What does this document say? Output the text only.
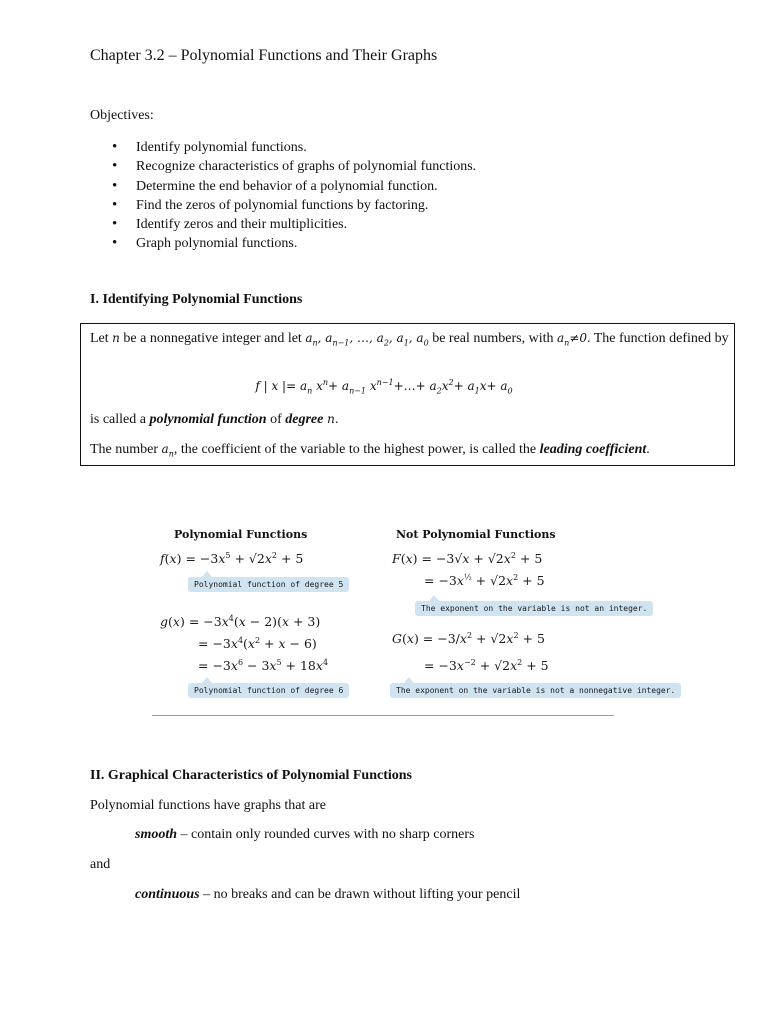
Chapter 3.2 – Polynomial Functions and Their Graphs
Objectives:
• Identify polynomial functions.
• Recognize characteristics of graphs of polynomial functions.
• Determine the end behavior of a polynomial function.
• Find the zeros of polynomial functions by factoring.
• Identify zeros and their multiplicities.
• Graph polynomial functions.
I. Identifying Polynomial Functions
Let n be a nonnegative integer and let $a_n$, $a_{n-1}$, …, $a_2$, $a_1$, $a_0$ be real numbers, with $a_n\ne 0$. The function defined by
f | x |= $a_n$ $x^n+ a_{n-1}$ $x^{n-1}+\dots+ a_2x^2+ a_1x+ a_0$
is called a polynomial function of degree n.
The number $a_n$, the coefficient of the variable to the highest power, is called the leading coefficient.
Polynomial Functions	Not Polynomial Functions
$f(x) = -3x^5 + √2x^2 + 5$
Polynomial function of degree 5
$g(x) = -3x^4(x - 2)(x + 3)$
= $-3x^4(x^2 + x - 6)$
= $-3x^6 - 3x^5 + 18x^4$
Polynomial function of degree 6
$F(x) = -3√x + √2x^2 + 5$
= $-3x^{\frac{1}{2}} + √2x^2 + 5$
The exponent on the variable is not an integer.
$G(x) = -3/x^2 + √2x^2 + 5$
= $-3x^{-2} + √2x^2 + 5$
The exponent on the variable is not a nonnegative integer.
II. Graphical Characteristics of Polynomial Functions
Polynomial functions have graphs that are
smooth – contain only rounded curves with no sharp corners
and
continuous – no breaks and can be drawn without lifting your pencil
